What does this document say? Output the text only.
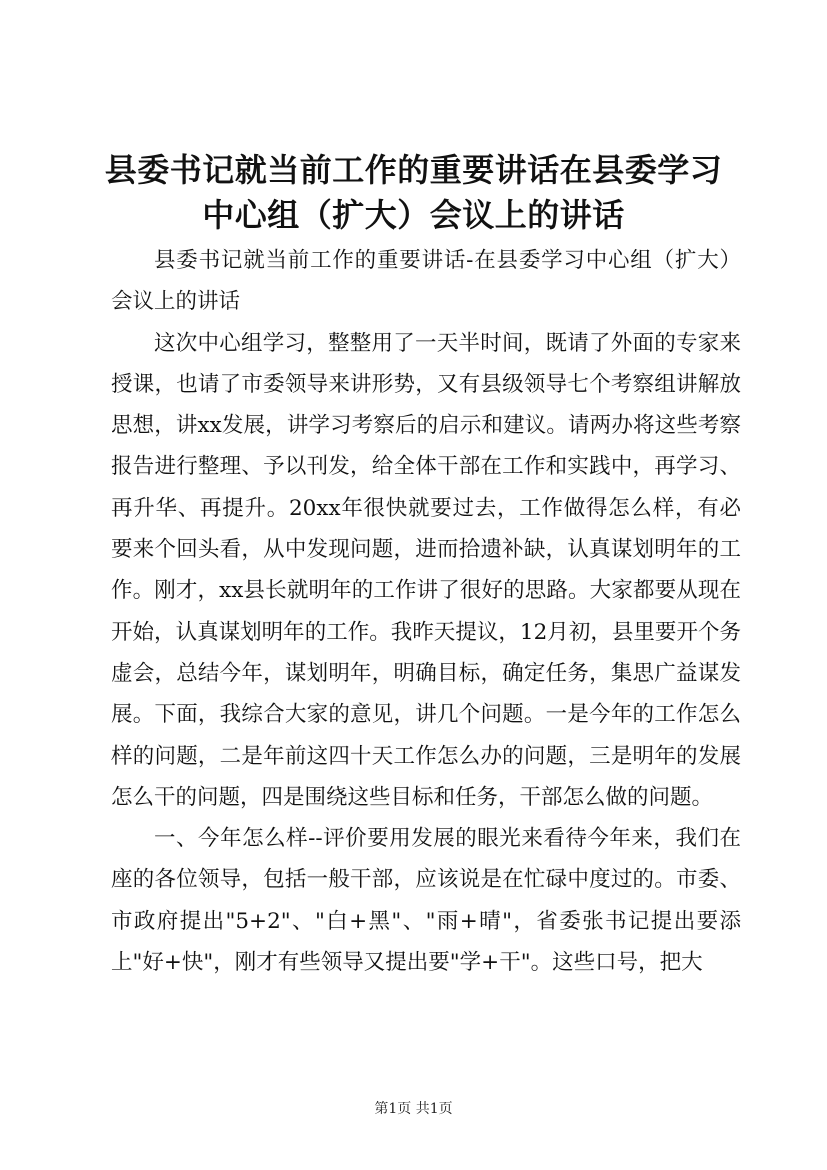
县委书记就当前工作的重要讲话在县委学习中心组（扩大）会议上的讲话

县委书记就当前工作的重要讲话-在县委学习中心组（扩大）会议上的讲话

这次中心组学习，整整用了一天半时间，既请了外面的专家来授课，也请了市委领导来讲形势，又有县级领导七个考察组讲解放思想，讲xx发展，讲学习考察后的启示和建议。请两办将这些考察报告进行整理、予以刊发，给全体干部在工作和实践中，再学习、再升华、再提升。20xx年很快就要过去，工作做得怎么样，有必要来个回头看，从中发现问题，进而拾遗补缺，认真谋划明年的工作。刚才，xx县长就明年的工作讲了很好的思路。大家都要从现在开始，认真谋划明年的工作。我昨天提议，12月初，县里要开个务虚会，总结今年，谋划明年，明确目标，确定任务，集思广益谋发展。下面，我综合大家的意见，讲几个问题。一是今年的工作怎么样的问题，二是年前这四十天工作怎么办的问题，三是明年的发展怎么干的问题，四是围绕这些目标和任务，干部怎么做的问题。

一、今年怎么样--评价要用发展的眼光来看待今年来，我们在座的各位领导，包括一般干部，应该说是在忙碌中度过的。市委、市政府提出"5+2"、"白+黑"、"雨+晴"，省委张书记提出要添上"好+快"，刚才有些领导又提出要"学+干"。这些口号，把大

第1页 共1页
